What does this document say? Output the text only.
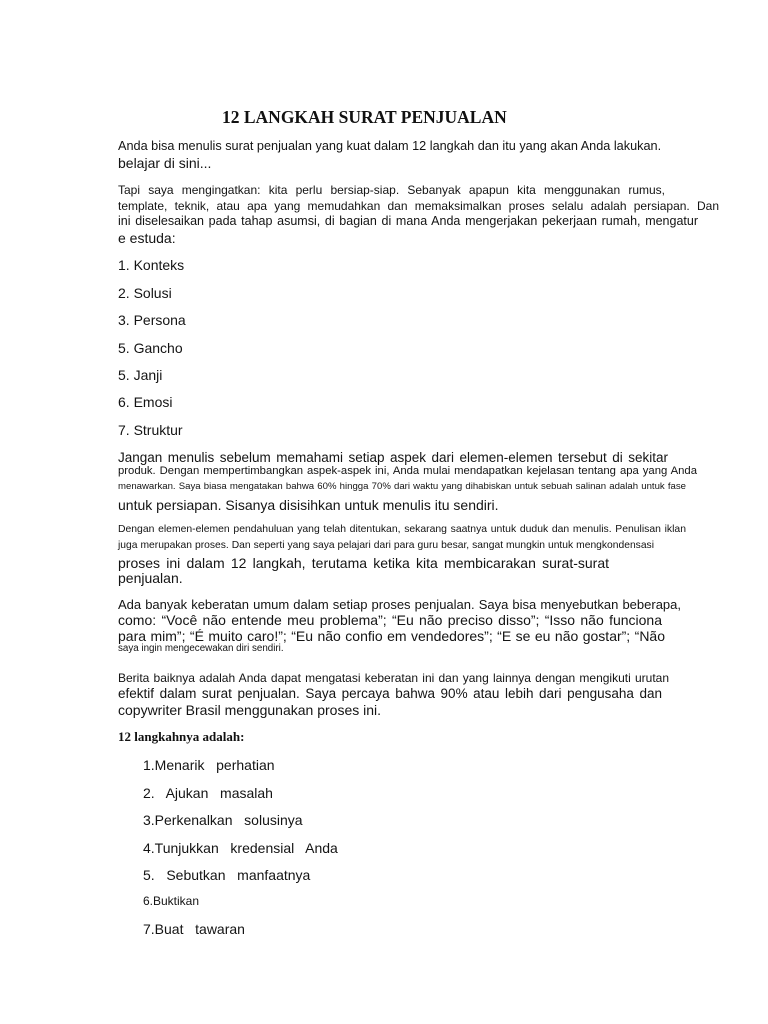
12 LANGKAH SURAT PENJUALAN
Anda bisa menulis surat penjualan yang kuat dalam 12 langkah dan itu yang akan Anda lakukan.
belajar di sini...
Tapi saya mengingatkan: kita perlu bersiap-siap. Sebanyak apapun kita menggunakan rumus,
template, teknik, atau apa yang memudahkan dan memaksimalkan proses selalu adalah persiapan. Dan
ini diselesaikan pada tahap asumsi, di bagian di mana Anda mengerjakan pekerjaan rumah, mengatur
e estuda:
1. Konteks
2. Solusi
3. Persona
5. Gancho
5. Janji
6. Emosi
7. Struktur
Jangan menulis sebelum memahami setiap aspek dari elemen-elemen tersebut di sekitar
produk. Dengan mempertimbangkan aspek-aspek ini, Anda mulai mendapatkan kejelasan tentang apa yang Anda
menawarkan. Saya biasa mengatakan bahwa 60% hingga 70% dari waktu yang dihabiskan untuk sebuah salinan adalah untuk fase
untuk persiapan. Sisanya disisihkan untuk menulis itu sendiri.
Dengan elemen-elemen pendahuluan yang telah ditentukan, sekarang saatnya untuk duduk dan menulis. Penulisan iklan
juga merupakan proses. Dan seperti yang saya pelajari dari para guru besar, sangat mungkin untuk mengkondensasi
proses ini dalam 12 langkah, terutama ketika kita membicarakan surat-surat
penjualan.
Ada banyak keberatan umum dalam setiap proses penjualan. Saya bisa menyebutkan beberapa,
como: “Você não entende meu problema”; “Eu não preciso disso”; “Isso não funciona
para mim”; “É muito caro!”; “Eu não confio em vendedores”; “E se eu não gostar”; “Não
saya ingin mengecewakan diri sendiri.
Berita baiknya adalah Anda dapat mengatasi keberatan ini dan yang lainnya dengan mengikuti urutan
efektif dalam surat penjualan. Saya percaya bahwa 90% atau lebih dari pengusaha dan
copywriter Brasil menggunakan proses ini.
12 langkahnya adalah:
1.Menarik   perhatian
2.   Ajukan   masalah
3.Perkenalkan   solusinya
4.Tunjukkan   kredensial   Anda
5.   Sebutkan   manfaatnya
6.Buktikan
7.Buat   tawaran
